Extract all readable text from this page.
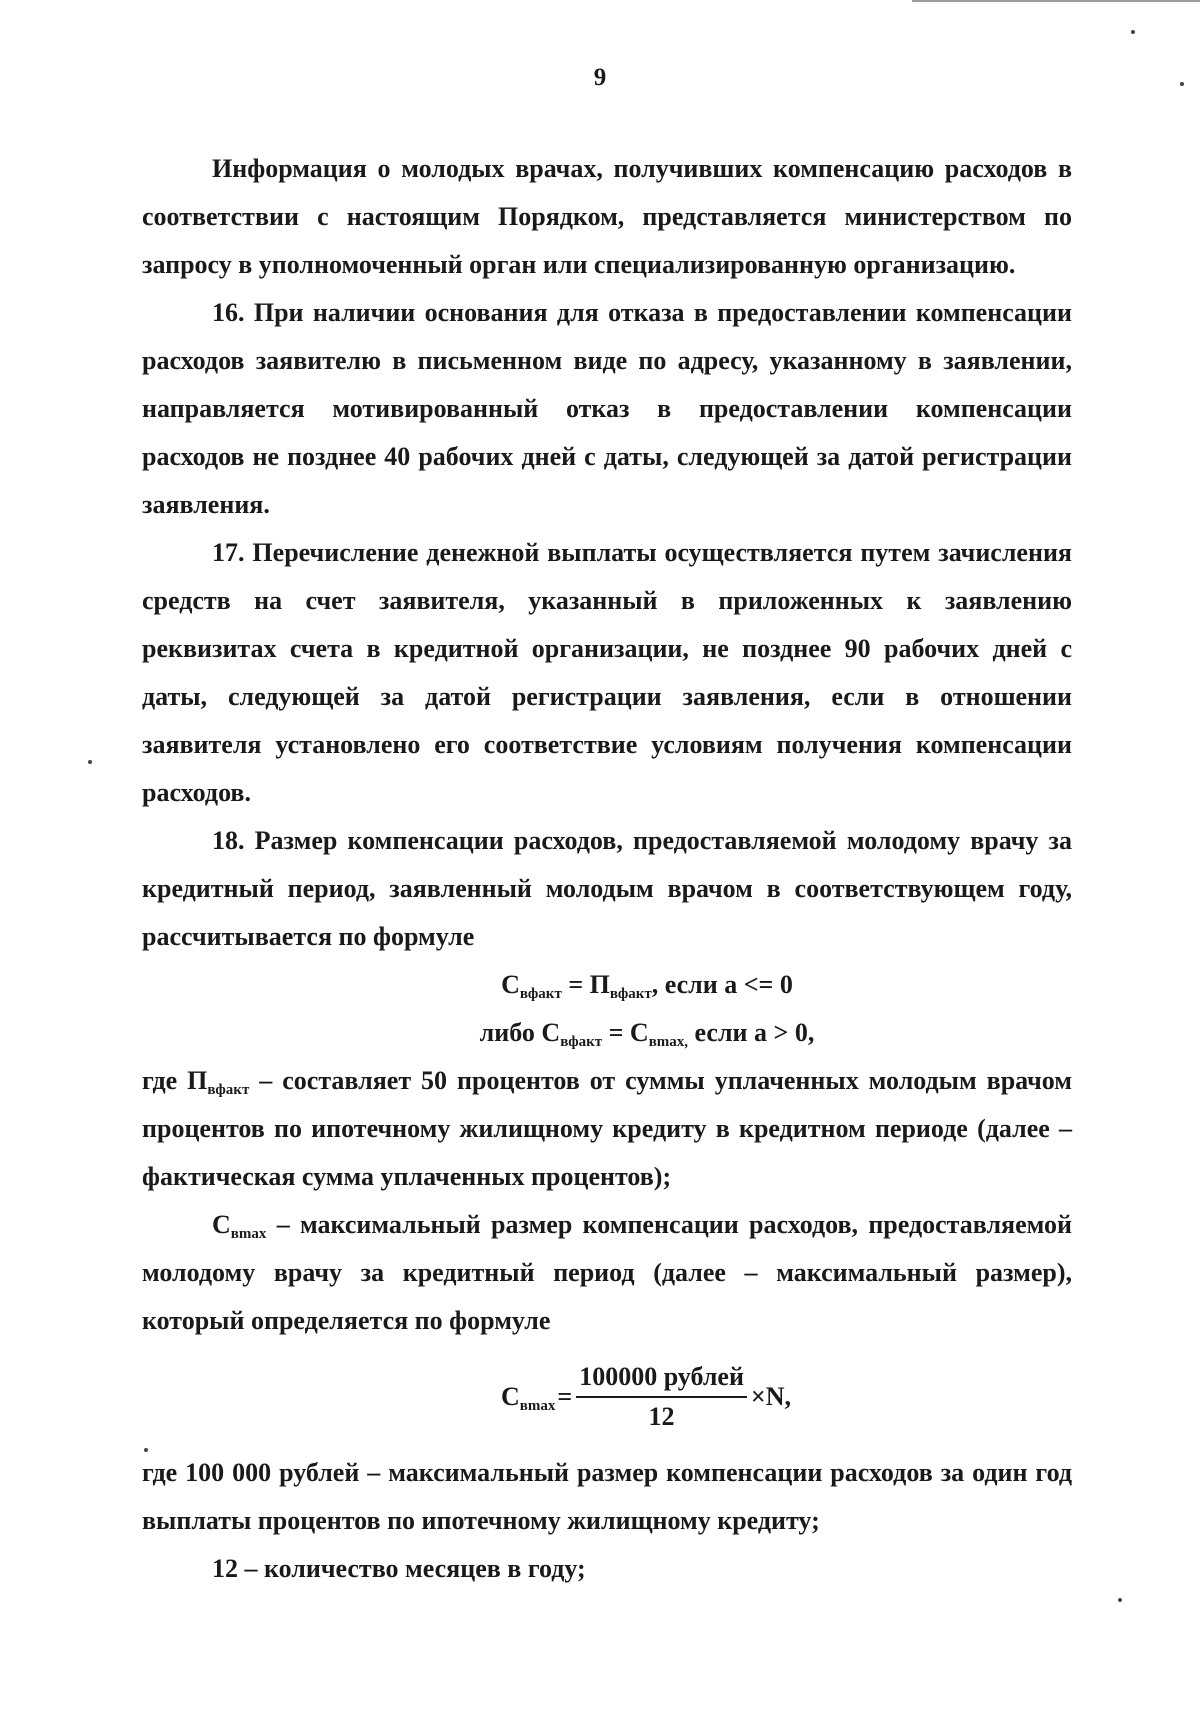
9

Информация о молодых врачах, получивших компенсацию расходов в соответствии с настоящим Порядком, представляется министерством по запросу в уполномоченный орган или специализированную организацию.

16. При наличии основания для отказа в предоставлении компенсации расходов заявителю в письменном виде по адресу, указанному в заявлении, направляется мотивированный отказ в предоставлении компенсации расходов не позднее 40 рабочих дней с даты, следующей за датой регистрации заявления.

17. Перечисление денежной выплаты осуществляется путем зачисления средств на счет заявителя, указанный в приложенных к заявлению реквизитах счета в кредитной организации, не позднее 90 рабочих дней с даты, следующей за датой регистрации заявления, если в отношении заявителя установлено его соответствие условиям получения компенсации расходов.

18. Размер компенсации расходов, предоставляемой молодому врачу за кредитный период, заявленный молодым врачом в соответствующем году, рассчитывается по формуле

$С_{вфакт} = П_{вфакт}$, если а <= 0

либо $С_{вфакт} = С_{вmax,}$ если а > 0,

где $П_{вфакт}$ – составляет 50 процентов от суммы уплаченных молодым врачом процентов по ипотечному жилищному кредиту в кредитном периоде (далее – фактическая сумма уплаченных процентов);

$С_{вmax}$ – максимальный размер компенсации расходов, предоставляемой молодому врачу за кредитный период (далее – максимальный размер), который определяется по формуле

$С_{вmax} = \frac{\text{100000 рублей}}{12} \times N$,

где 100 000 рублей – максимальный размер компенсации расходов за один год выплаты процентов по ипотечному жилищному кредиту;

12 – количество месяцев в году;
